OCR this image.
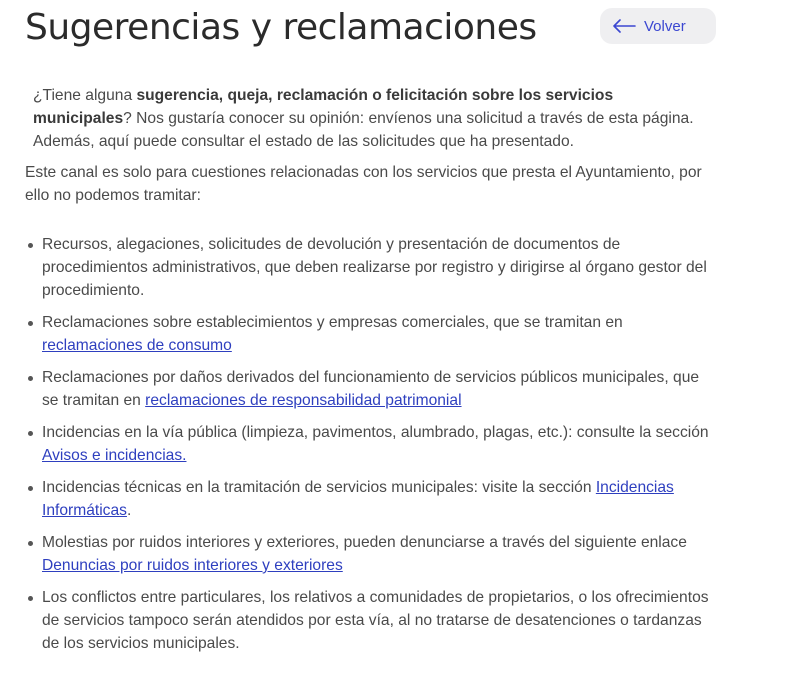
Sugerencias y reclamaciones	Volver

¿Tiene alguna sugerencia, queja, reclamación o felicitación sobre los servicios municipales? Nos gustaría conocer su opinión: envíenos una solicitud a través de esta página. Además, aquí puede consultar el estado de las solicitudes que ha presentado.

Este canal es solo para cuestiones relacionadas con los servicios que presta el Ayuntamiento, por ello no podemos tramitar:

Recursos, alegaciones, solicitudes de devolución y presentación de documentos de procedimientos administrativos, que deben realizarse por registro y dirigirse al órgano gestor del procedimiento.
Reclamaciones sobre establecimientos y empresas comerciales, que se tramitan en reclamaciones de consumo
Reclamaciones por daños derivados del funcionamiento de servicios públicos municipales, que se tramitan en reclamaciones de responsabilidad patrimonial
Incidencias en la vía pública (limpieza, pavimentos, alumbrado, plagas, etc.): consulte la sección Avisos e incidencias.
Incidencias técnicas en la tramitación de servicios municipales: visite la sección Incidencias Informáticas.
Molestias por ruidos interiores y exteriores, pueden denunciarse a través del siguiente enlace Denuncias por ruidos interiores y exteriores
Los conflictos entre particulares, los relativos a comunidades de propietarios, o los ofrecimientos de servicios tampoco serán atendidos por esta vía, al no tratarse de desatenciones o tardanzas de los servicios municipales.
